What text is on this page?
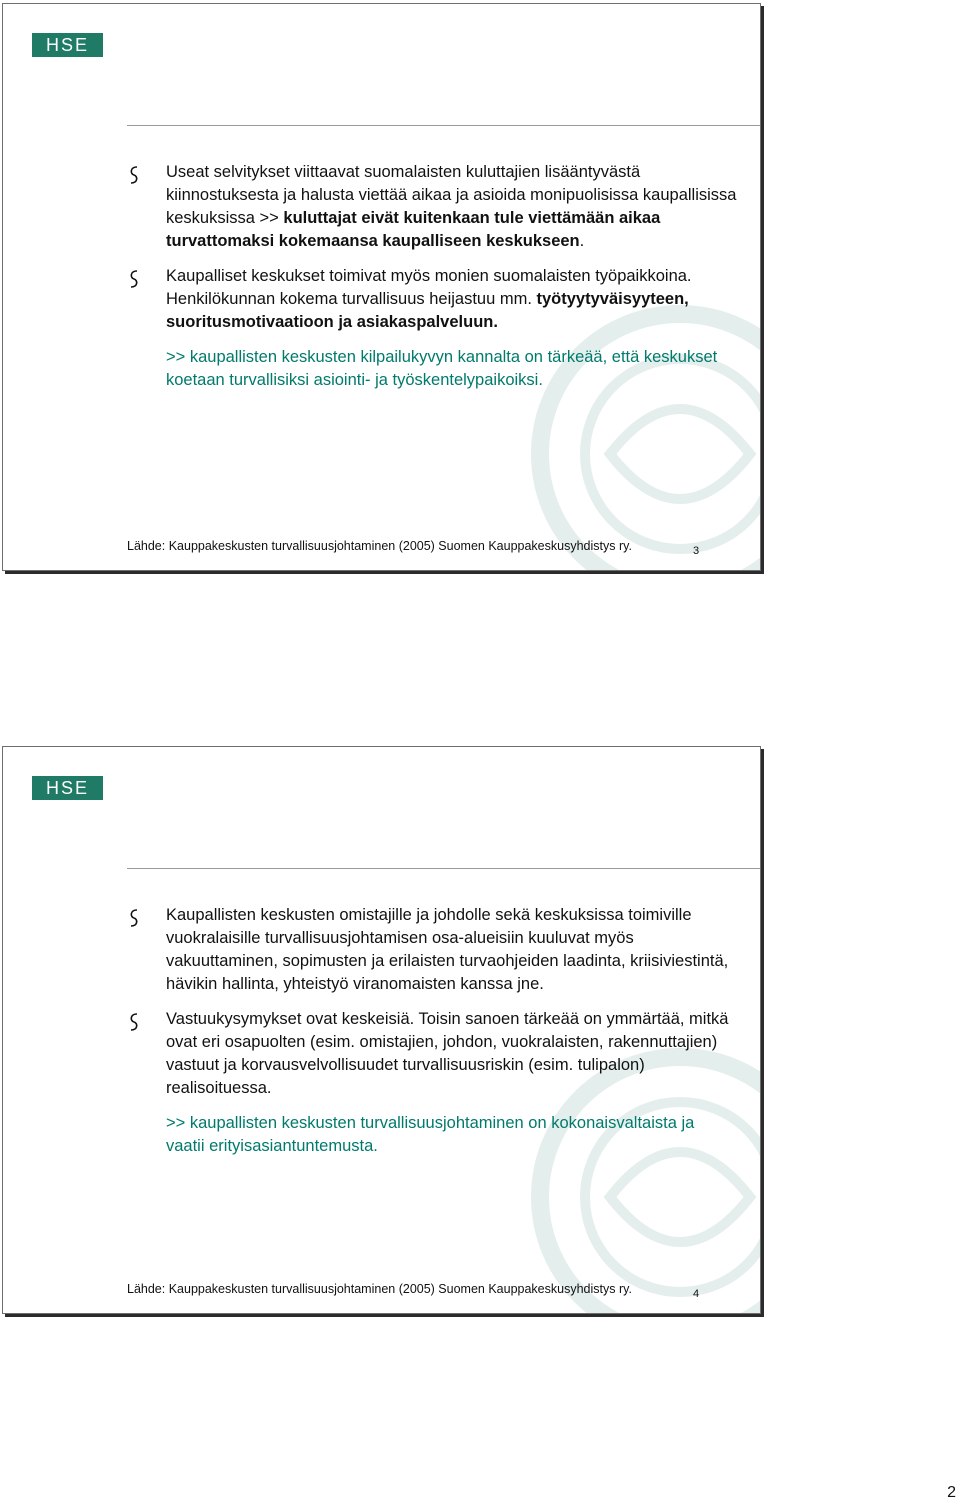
HSE
Useat selvitykset viittaavat suomalaisten kuluttajien lisääntyvästä kiinnostuksesta ja halusta viettää aikaa ja asioida monipuolisissa kaupallisissa keskuksissa >> kuluttajat eivät kuitenkaan tule viettämään aikaa turvattomaksi kokemaansa kaupalliseen keskukseen.
Kaupalliset keskukset toimivat myös monien suomalaisten työpaikkoina. Henkilökunnan kokema turvallisuus heijastuu mm. työtyytyväisyyteen, suoritusmotivaatioon ja asiakaspalveluun.
>> kaupallisten keskusten kilpailukyvyn kannalta on tärkeää, että keskukset koetaan turvallisiksi asiointi- ja työskentelypaikoiksi.
Lähde: Kauppakeskusten turvallisuusjohtaminen (2005) Suomen Kauppakeskusyhdistys ry.	3
HSE
Kaupallisten keskusten omistajille ja johdolle sekä keskuksissa toimiville vuokralaisille turvallisuusjohtamisen osa-alueisiin kuuluvat myös vakuuttaminen, sopimusten ja erilaisten turvaohjeiden laadinta, kriisiviestintä, hävikin hallinta, yhteistyö viranomaisten kanssa jne.
Vastuukysymykset ovat keskeisiä. Toisin sanoen tärkeää on ymmärtää, mitkä ovat eri osapuolten (esim. omistajien, johdon, vuokralaisten, rakennuttajien) vastuut ja korvausvelvollisuudet turvallisuusriskin (esim. tulipalon) realisoituessa.
>> kaupallisten keskusten turvallisuusjohtaminen on kokonaisvaltaista ja vaatii erityisasiantuntemusta.
Lähde: Kauppakeskusten turvallisuusjohtaminen (2005) Suomen Kauppakeskusyhdistys ry.	4
2
